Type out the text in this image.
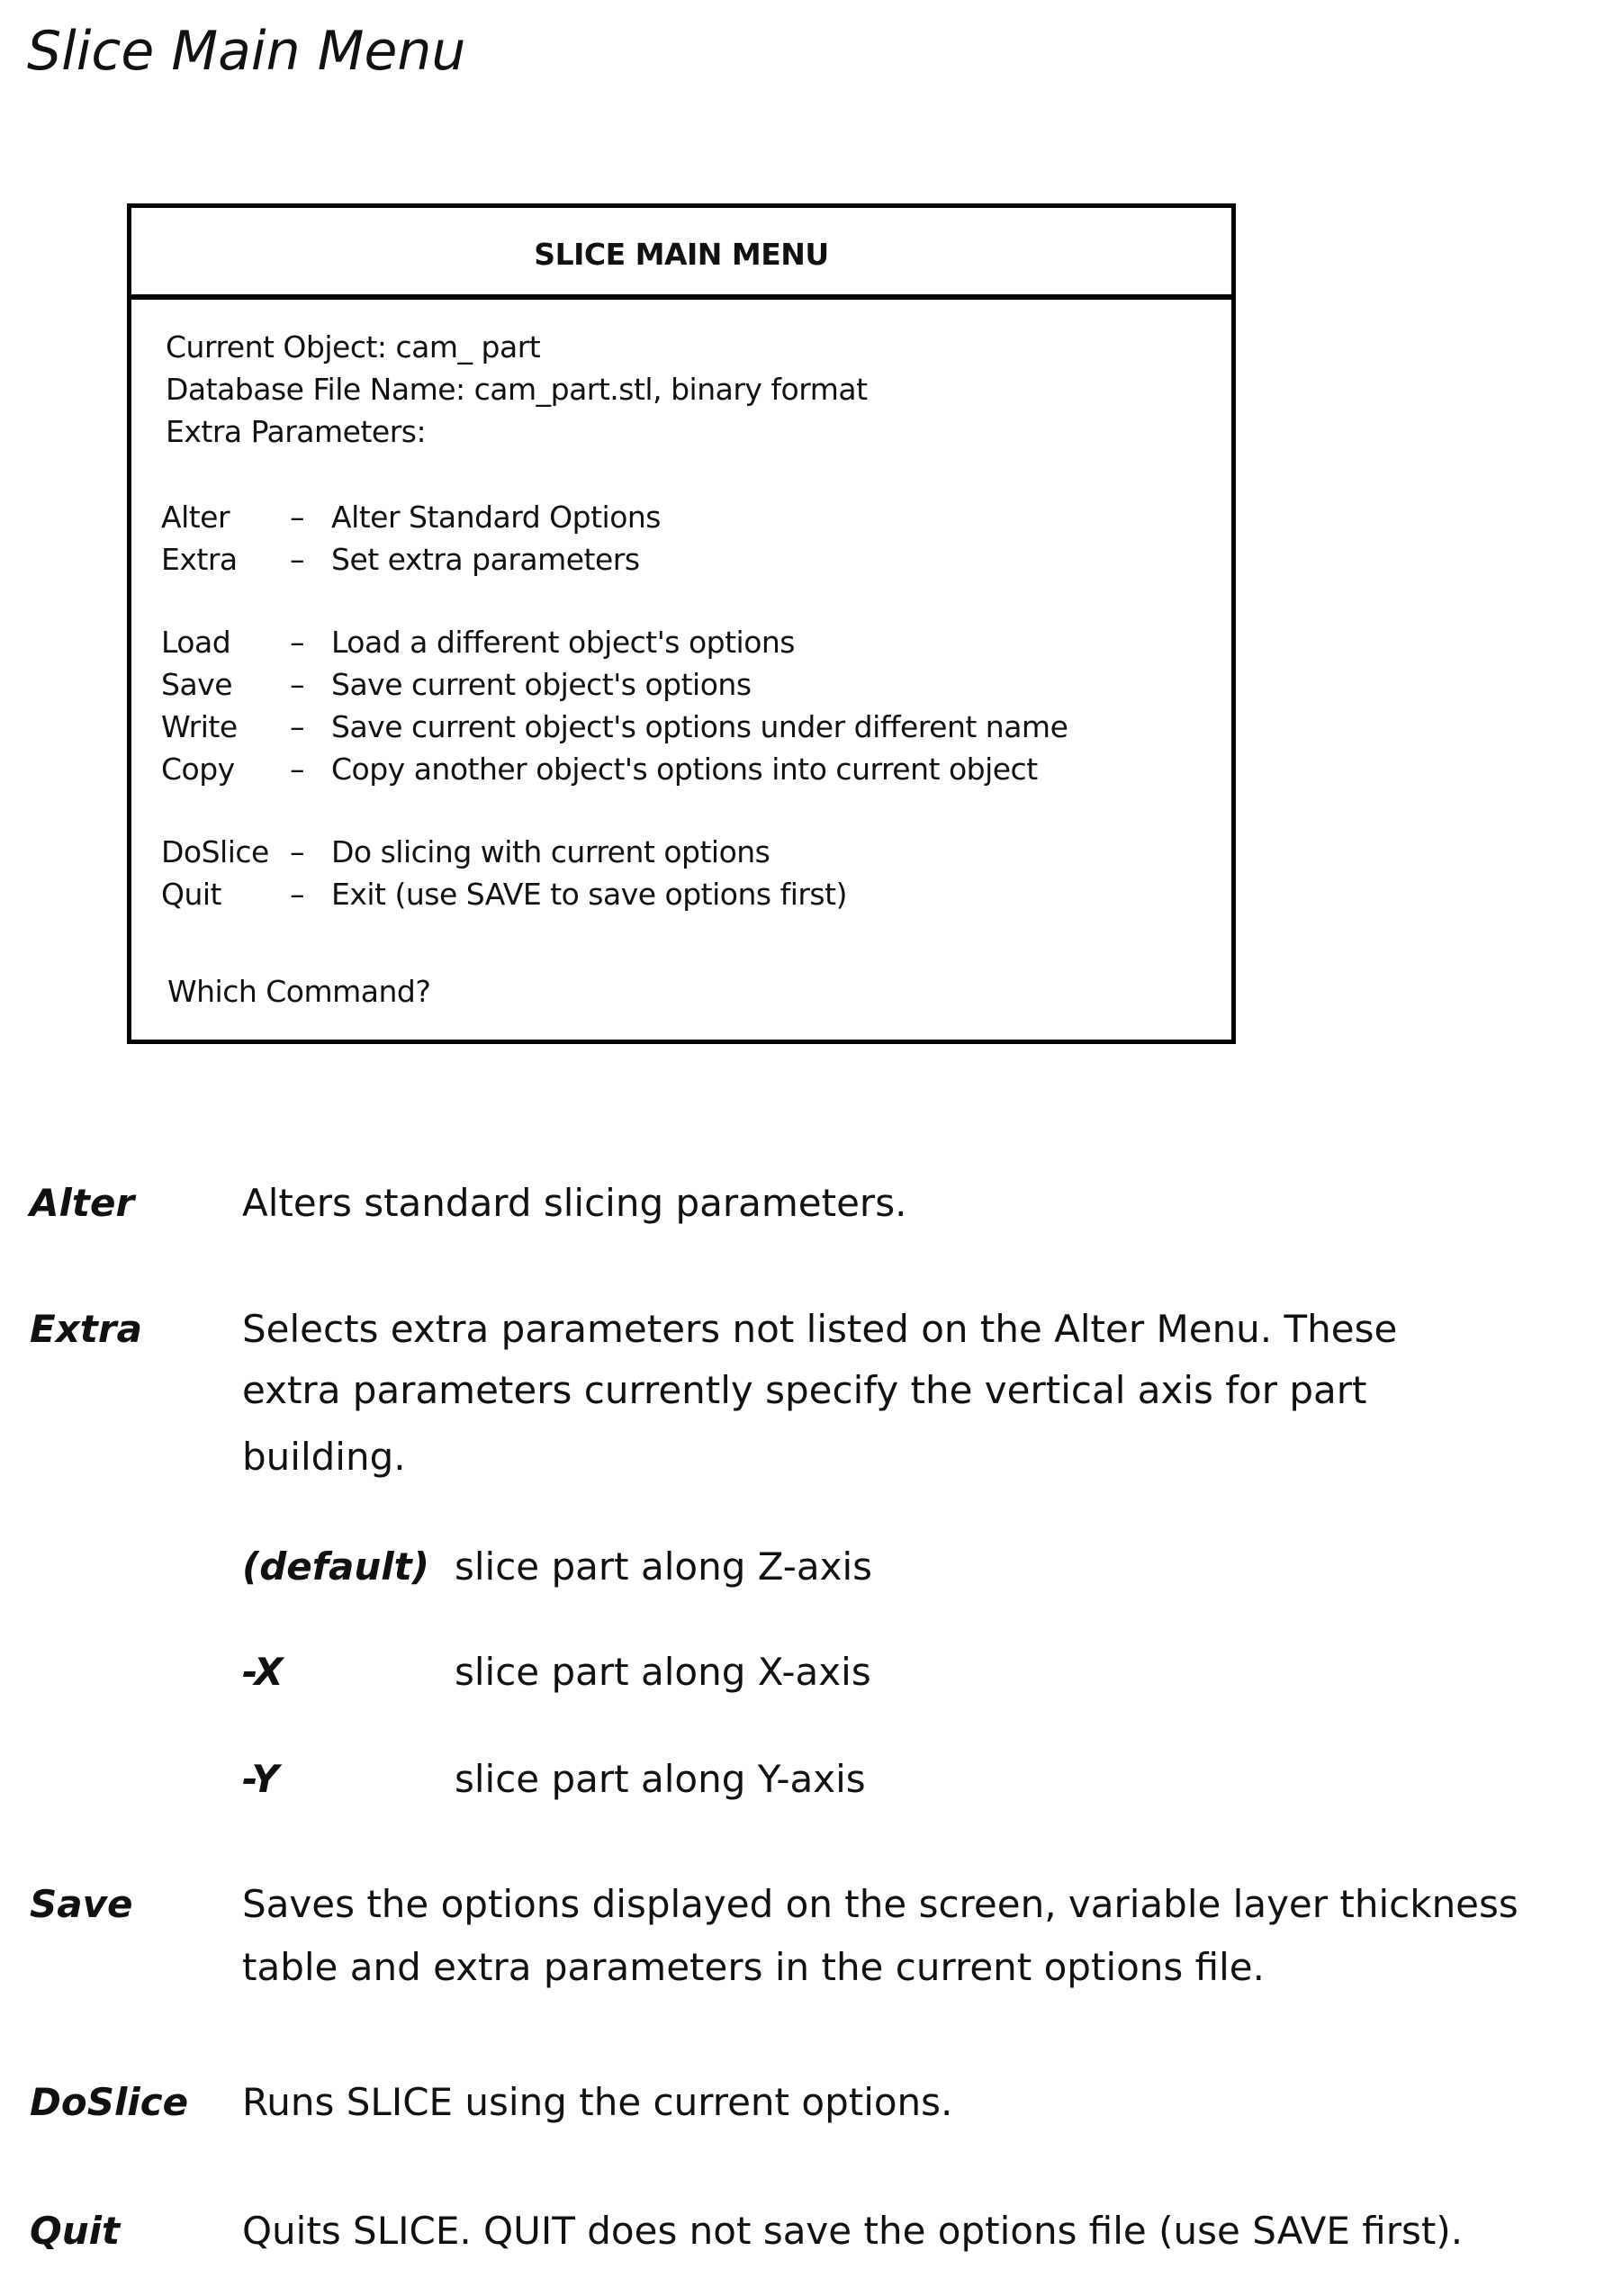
Slice Main Menu
SLICE MAIN MENU
Current Object: cam_ part
Database File Name: cam_part.stl, binary format
Extra Parameters:
Alter – Alter Standard Options
Extra – Set extra parameters
Load – Load a different object's options
Save – Save current object's options
Write – Save current object's options under different name
Copy – Copy another object's options into current object
DoSlice – Do slicing with current options
Quit – Exit (use SAVE to save options first)
Which Command?
Alter	Alters standard slicing parameters.
Extra	Selects extra parameters not listed on the Alter Menu. These
extra parameters currently specify the vertical axis for part
building.
(default) slice part along Z-axis
-X	slice part along X-axis
-Y	slice part along Y-axis
Save	Saves the options displayed on the screen, variable layer thickness
table and extra parameters in the current options file.
DoSlice Runs SLICE using the current options.
Quit	Quits SLICE. QUIT does not save the options file (use SAVE first).
